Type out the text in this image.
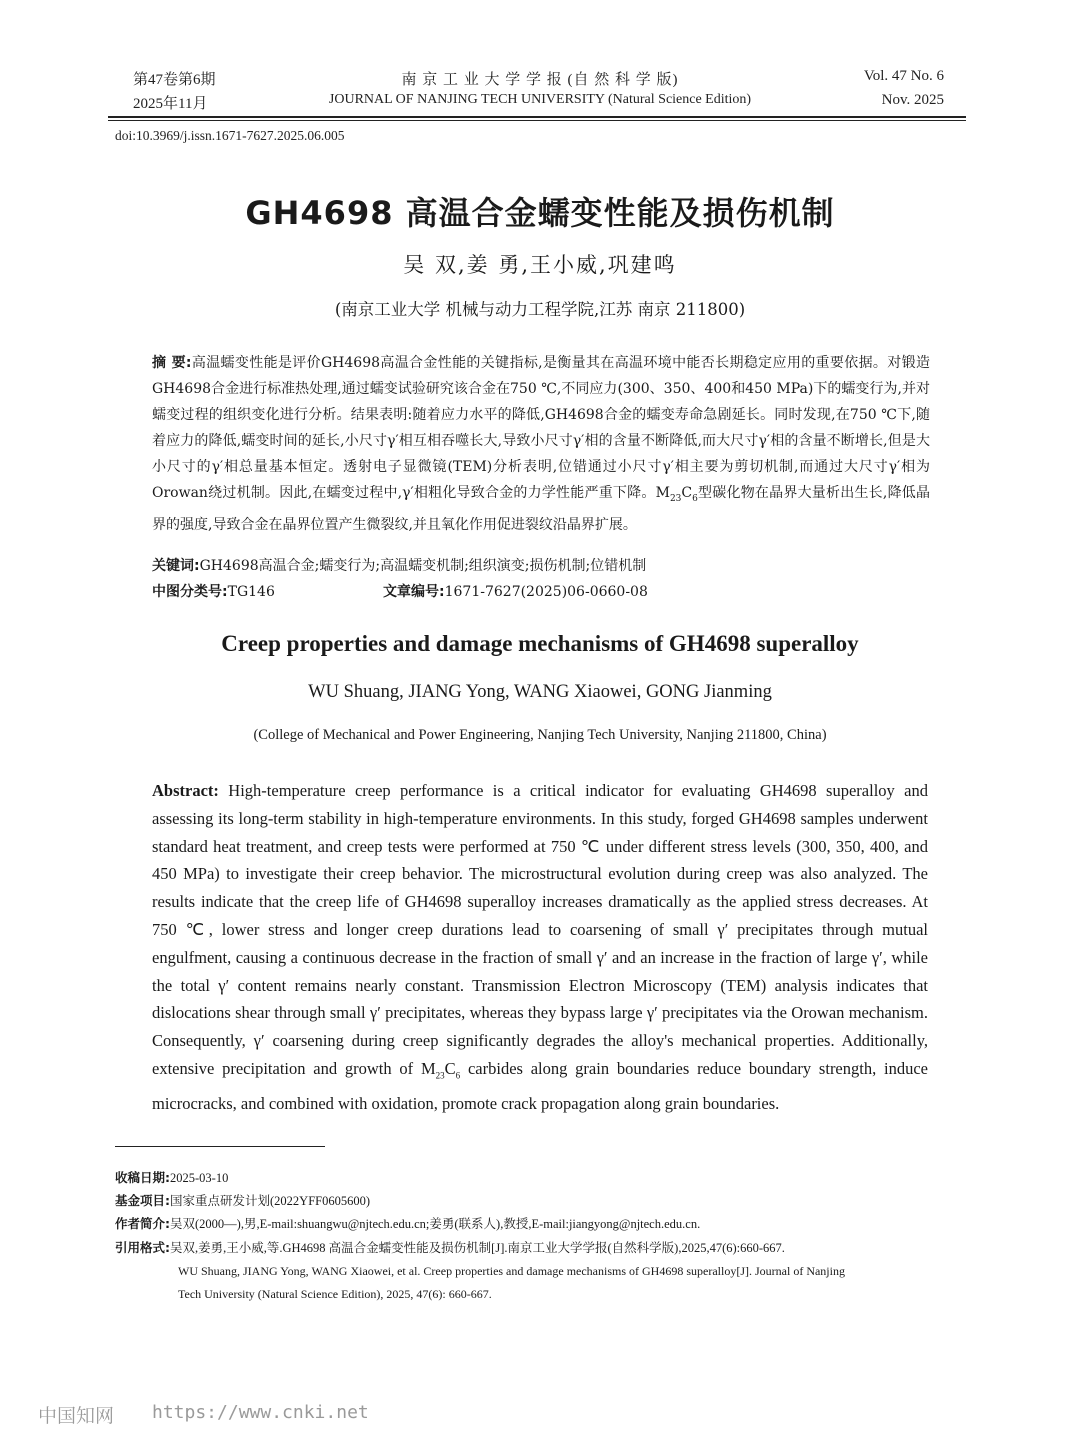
第47卷第6期
2025年11月
南 京 工 业 大 学 学 报 (自 然 科 学 版)
JOURNAL OF NANJING TECH UNIVERSITY (Natural Science Edition)
Vol. 47 No. 6
Nov. 2025
doi:10.3969/j.issn.1671-7627.2025.06.005
GH4698 高温合金蠕变性能及损伤机制
吴 双,姜 勇,王小威,巩建鸣
(南京工业大学 机械与动力工程学院,江苏 南京 211800)
摘 要:高温蠕变性能是评价GH4698高温合金性能的关键指标,是衡量其在高温环境中能否长期稳定应用的重要依据。对锻造GH4698合金进行标准热处理,通过蠕变试验研究该合金在750 ℃,不同应力(300、350、400和450 MPa)下的蠕变行为,并对蠕变过程的组织变化进行分析。结果表明:随着应力水平的降低,GH4698合金的蠕变寿命急剧延长。同时发现,在750 ℃下,随着应力的降低,蠕变时间的延长,小尺寸γ′相互相吞噬长大,导致小尺寸γ′相的含量不断降低,而大尺寸γ′相的含量不断增长,但是大小尺寸的γ′相总量基本恒定。透射电子显微镜(TEM)分析表明,位错通过小尺寸γ′相主要为剪切机制,而通过大尺寸γ′相为Orowan绕过机制。因此,在蠕变过程中,γ′相粗化导致合金的力学性能严重下降。$M_{23}C_6$型碳化物在晶界大量析出生长,降低晶界的强度,导致合金在晶界位置产生微裂纹,并且氧化作用促进裂纹沿晶界扩展。
关键词:GH4698高温合金;蠕变行为;高温蠕变机制;组织演变;损伤机制;位错机制
中图分类号:TG146	文章编号:1671-7627(2025)06-0660-08
Creep properties and damage mechanisms of GH4698 superalloy
WU Shuang, JIANG Yong, WANG Xiaowei, GONG Jianming
(College of Mechanical and Power Engineering, Nanjing Tech University, Nanjing 211800, China)
Abstract: High-temperature creep performance is a critical indicator for evaluating GH4698 superalloy and assessing its long-term stability in high-temperature environments. In this study, forged GH4698 samples underwent standard heat treatment, and creep tests were performed at 750 ℃ under different stress levels (300, 350, 400, and 450 MPa) to investigate their creep behavior. The microstructural evolution during creep was also analyzed. The results indicate that the creep life of GH4698 superalloy increases dramatically as the applied stress decreases. At 750 ℃, lower stress and longer creep durations lead to coarsening of small γ′ precipitates through mutual engulfment, causing a continuous decrease in the fraction of small γ′ and an increase in the fraction of large γ′, while the total γ′ content remains nearly constant. Transmission Electron Microscopy (TEM) analysis indicates that dislocations shear through small γ′ precipitates, whereas they bypass large γ′ precipitates via the Orowan mechanism. Consequently, γ′ coarsening during creep significantly degrades the alloy's mechanical properties. Additionally, extensive precipitation and growth of $M_{23}C_6$ carbides along grain boundaries reduce boundary strength, induce microcracks, and combined with oxidation, promote crack propagation along grain boundaries.
收稿日期:2025-03-10
基金项目:国家重点研发计划(2022YFF0605600)
作者简介:吴双(2000—),男,E-mail:shuangwu@njtech.edu.cn;姜勇(联系人),教授,E-mail:jiangyong@njtech.edu.cn.
引用格式:吴双,姜勇,王小威,等.GH4698 高温合金蠕变性能及损伤机制[J].南京工业大学学报(自然科学版),2025,47(6):660-667.
WU Shuang, JIANG Yong, WANG Xiaowei, et al. Creep properties and damage mechanisms of GH4698 superalloy[J]. Journal of Nanjing
Tech University (Natural Science Edition), 2025, 47(6): 660-667.
中国知网 https://www.cnki.net
